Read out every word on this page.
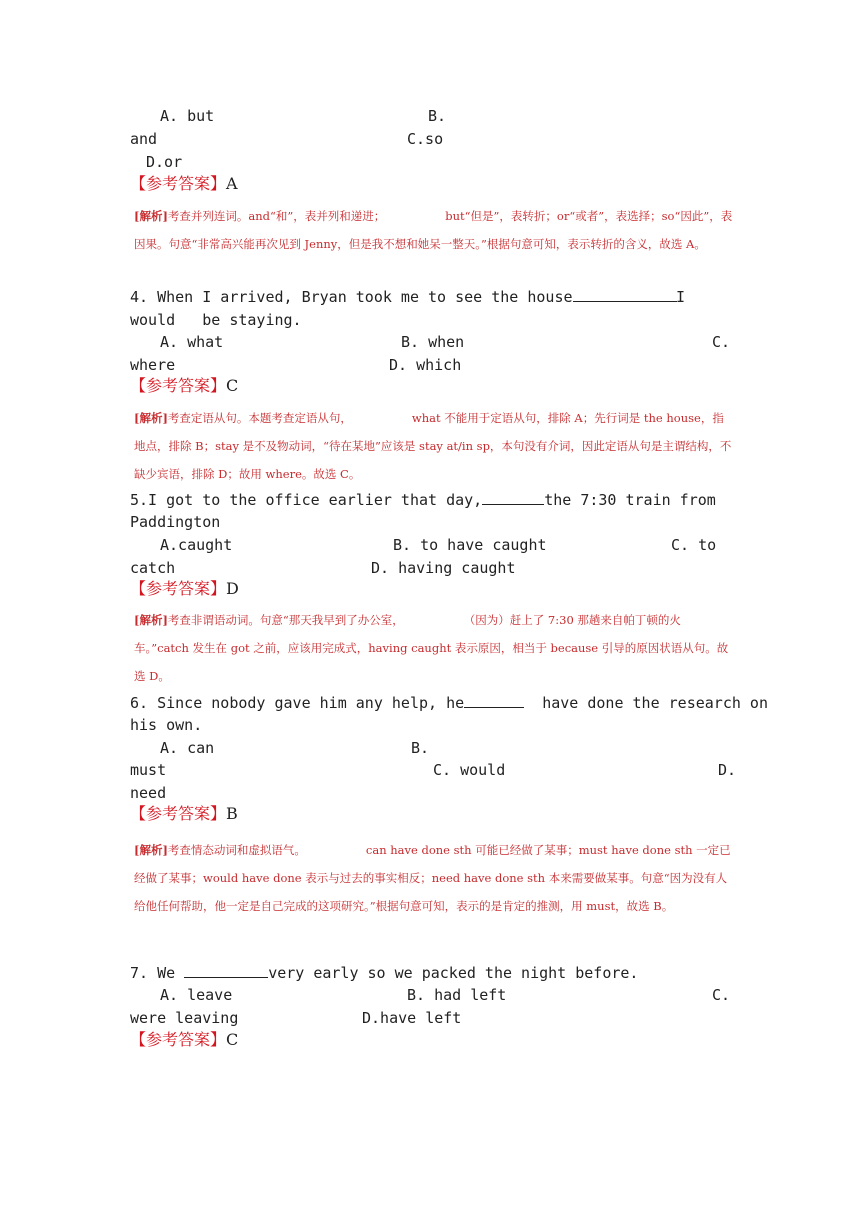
A. but	B.
and	C.so
D.or
【参考答案】A
[解析]考查并列连词。and“和”，表并列和递进；	but“但是”，表转折；or“或者”，表选择；so“因此”，表因果。句意“非常高兴能再次见到 Jenny，但是我不想和她呆一整天。”根据句意可知，表示转折的含义，故选 A。
4. When I arrived, Bryan took me to see the house	I
would   be staying.
A. what	B. when	C.
where	D. which
【参考答案】C
[解析]考查定语从句。本题考查定语从句，	what 不能用于定语从句，排除 A；先行词是 the house，指地点，排除 B；stay 是不及物动词，“待在某地”应该是 stay at/in sp，本句没有介词，因此定语从句是主谓结构，不缺少宾语，排除 D；故用 where。故选 C。
5.I got to the office earlier that day,	the 7:30 train from
Paddington
A.caught	B. to have caught	C. to
catch	D. having caught
【参考答案】D
[解析]考查非谓语动词。句意“那天我早到了办公室，	（因为）赶上了 7:30 那趟来自帕丁顿的火车。”catch 发生在 got 之前，应该用完成式，having caught 表示原因，相当于 because 引导的原因状语从句。故选 D。
6. Since nobody gave him any help, he	have done the research on
his own.
A. can	B.
must	C. would	D.
need
【参考答案】B
[解析]考查情态动词和虚拟语气。	can have done sth 可能已经做了某事；must have done sth 一定已经做了某事；would have done 表示与过去的事实相反；need have done sth 本来需要做某事。句意“因为没有人给他任何帮助，他一定是自己完成的这项研究。”根据句意可知，表示的是肯定的推测，用 must，故选 B。
7. We	very early so we packed the night before.
A. leave	B. had left	C.
were leaving	D.have left
【参考答案】C
